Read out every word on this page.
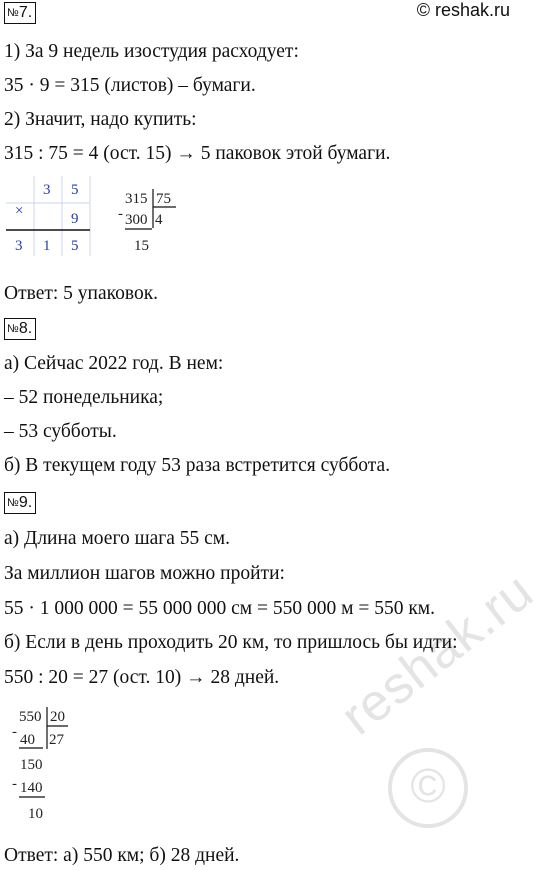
reshak.ru
©
№7.	© reshak.ru
1) За 9 недель изостудия расходует:
35 · 9 = 315 (листов) – бумаги.
2) Значит, надо купить:
315 : 75 = 4 (ост. 15) → 5 паковок этой бумаги.
×
3 5
9
3 1 5
-
315 75
300 4
15
Ответ: 5 упаковок.
№8.
а) Сейчас 2022 год. В нем:
– 52 понедельника;
– 53 субботы.
б) В текущем году 53 раза встретится суббота.
№9.
а) Длина моего шага 55 см.
За миллион шагов можно пройти:
55 · 1 000 000 = 55 000 000 см = 550 000 м = 550 км.
б) Если в день проходить 20 км, то пришлось бы идти:
550 : 20 = 27 (ост. 10) → 28 дней.
-
550 20
40 27
150
- 140
10
Ответ: а) 550 км; б) 28 дней.
